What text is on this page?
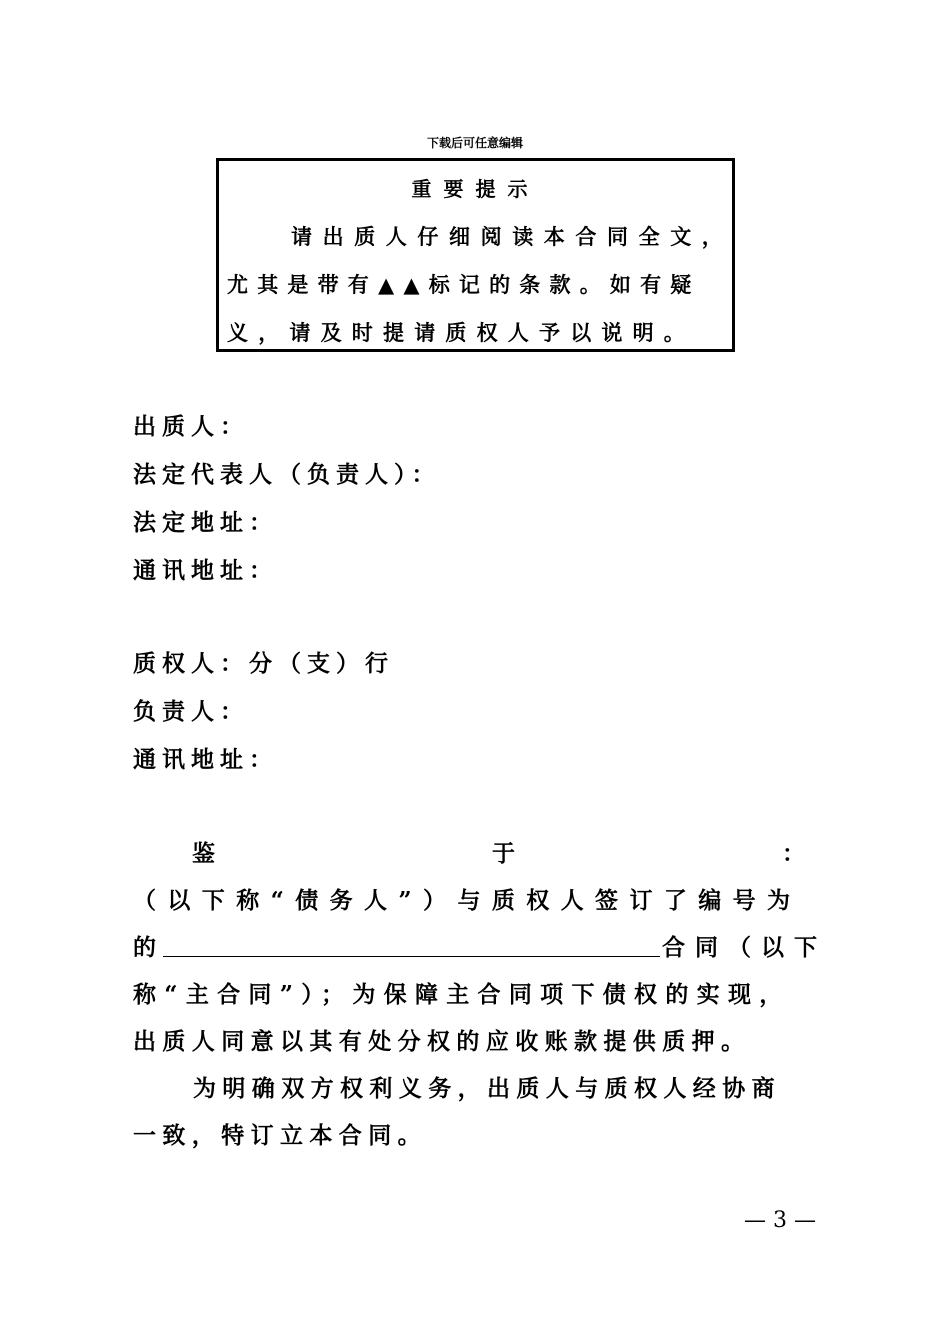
下载后可任意编辑
重要提示
请出质人仔细阅读本合同全文，
尤其是带有▲▲标记的条款。如有疑
义，请及时提请质权人予以说明。
出质人：
法定代表人（负责人）：
法定地址：
通讯地址：
质权人：分（支）行
负责人：
通讯地址：
鉴	于	：
（以下称“债务人”）与质权人签订了编号为
的	合同（以下
称“主合同”）；为保障主合同项下债权的实现，
出质人同意以其有处分权的应收账款提供质押。
为明确双方权利义务，出质人与质权人经协商
一致，特订立本合同。
— 3 —
